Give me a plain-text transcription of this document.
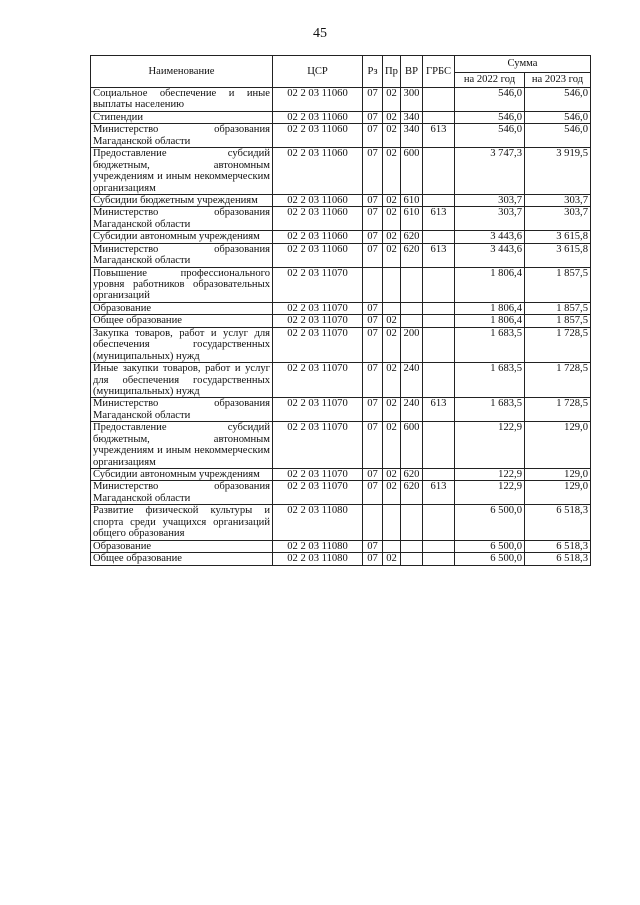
45
Наименование	ЦСР	Рз	Пр	ВР	ГРБС	Сумма	
						на 2022 год	на 2023 год
Социальное обеспечение и иные выплаты населению	02 2 03 11060	07	02	300		546,0	546,0
Стипендии	02 2 03 11060	07	02	340		546,0	546,0
Министерство образования Магаданской области	02 2 03 11060	07	02	340	613	546,0	546,0
Предоставление субсидий бюджетным, автономным учреждениям и иным некоммерческим организациям	02 2 03 11060	07	02	600		3 747,3	3 919,5
Субсидии бюджетным учреждениям	02 2 03 11060	07	02	610		303,7	303,7
Министерство образования Магаданской области	02 2 03 11060	07	02	610	613	303,7	303,7
Субсидии автономным учреждениям	02 2 03 11060	07	02	620		3 443,6	3 615,8
Министерство образования Магаданской области	02 2 03 11060	07	02	620	613	3 443,6	3 615,8
Повышение профессионального уровня работников образовательных организаций	02 2 03 11070					1 806,4	1 857,5
Образование	02 2 03 11070	07				1 806,4	1 857,5
Общее образование	02 2 03 11070	07	02			1 806,4	1 857,5
Закупка товаров, работ и услуг для обеспечения государственных (муниципальных) нужд	02 2 03 11070	07	02	200		1 683,5	1 728,5
Иные закупки товаров, работ и услуг для обеспечения государственных (муниципальных) нужд	02 2 03 11070	07	02	240		1 683,5	1 728,5
Министерство образования Магаданской области	02 2 03 11070	07	02	240	613	1 683,5	1 728,5
Предоставление субсидий бюджетным, автономным учреждениям и иным некоммерческим организациям	02 2 03 11070	07	02	600		122,9	129,0
Субсидии автономным учреждениям	02 2 03 11070	07	02	620		122,9	129,0
Министерство образования Магаданской области	02 2 03 11070	07	02	620	613	122,9	129,0
Развитие физической культуры и спорта среди учащихся организаций общего образования	02 2 03 11080					6 500,0	6 518,3
Образование	02 2 03 11080	07				6 500,0	6 518,3
Общее образование	02 2 03 11080	07	02			6 500,0	6 518,3
